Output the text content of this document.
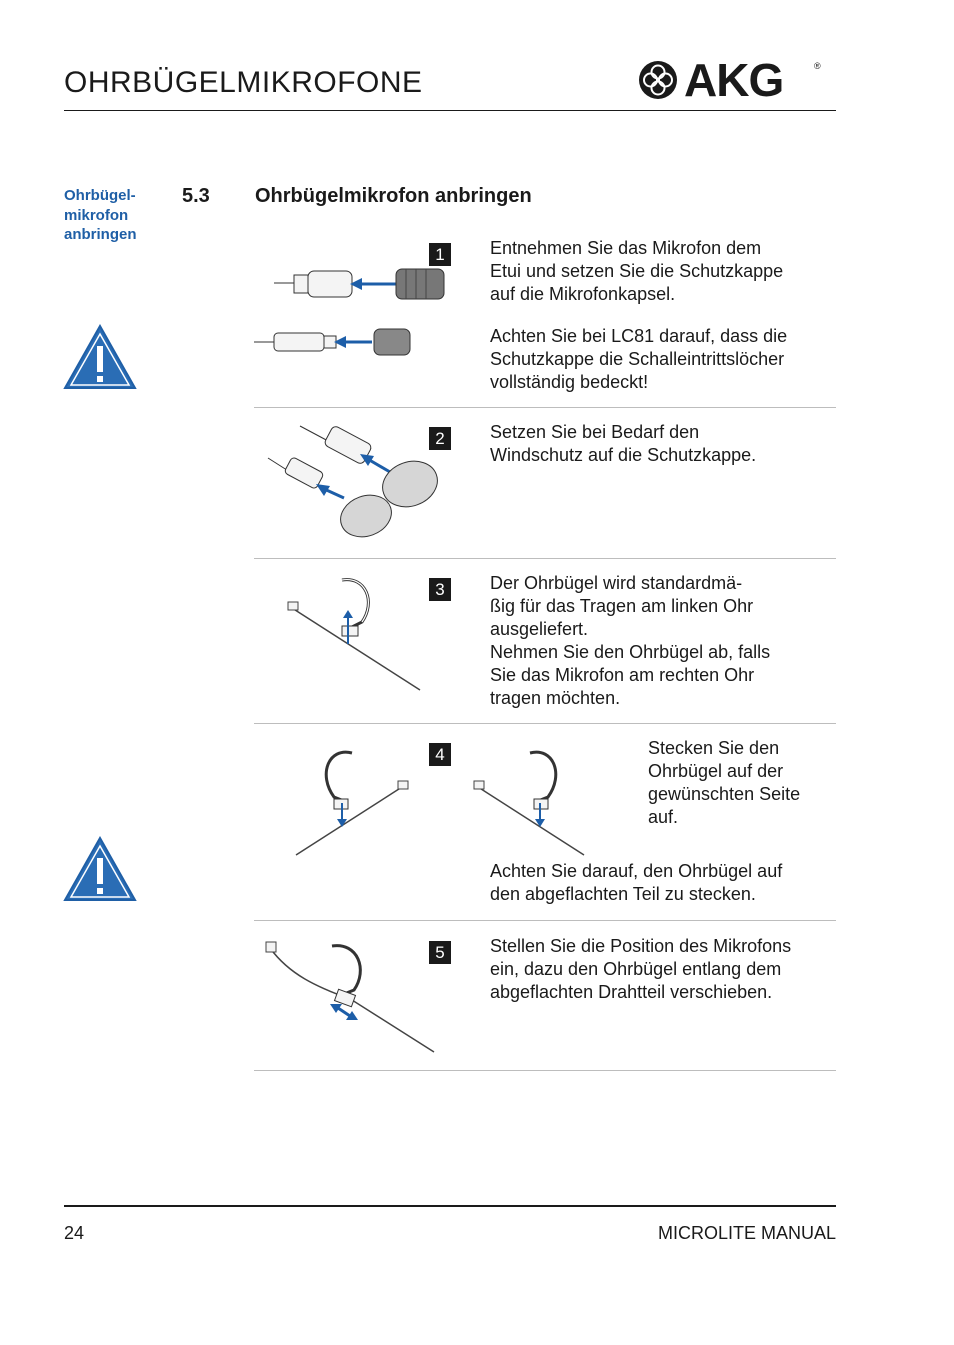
OHRBÜGELMIKROFONE	AKG	®
Ohrbügel-
mikrofon
anbringen
5.3 Ohrbügelmikrofon anbringen
1	Entnehmen Sie das Mikrofon dem
Etui und setzen Sie die Schutzkappe
auf die Mikrofonkapsel.
Achten Sie bei LC81 darauf, dass die
Schutzkappe die Schalleintrittslöcher
vollständig bedeckt!
2	Setzen Sie bei Bedarf den
Windschutz auf die Schutzkappe.
3	Der Ohrbügel wird standardmä-
ßig für das Tragen am linken Ohr
ausgeliefert.
Nehmen Sie den Ohrbügel ab, falls
Sie das Mikrofon am rechten Ohr
tragen möchten.
4	Stecken Sie den
Ohrbügel auf der
gewünschten Seite
auf.
Achten Sie darauf, den Ohrbügel auf
den abgeflachten Teil zu stecken.
5	Stellen Sie die Position des Mikrofons
ein, dazu den Ohrbügel entlang dem
abgeflachten Drahtteil verschieben.
24	MICROLITE MANUAL
